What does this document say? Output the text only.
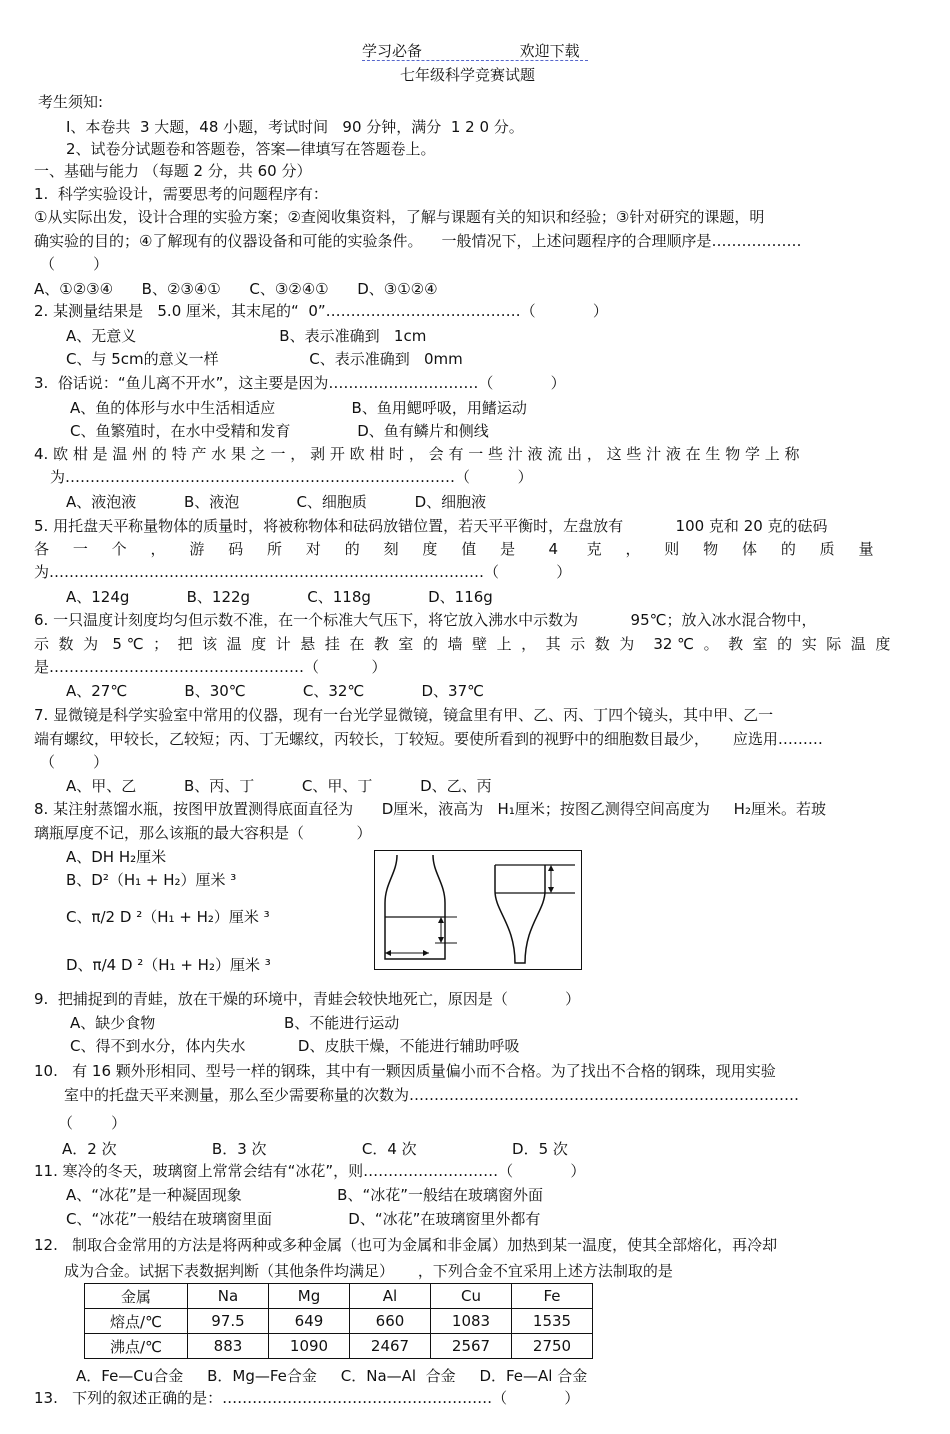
学习必备	欢迎下载
七年级科学竞赛试题
考生须知:
I、本卷共  3 大题，48 小题，考试时间   90 分钟，满分  1 2 0 分。
2、试卷分试题卷和答题卷，答案—律填写在答题卷上。
一、基础与能力 （每题 2 分，共 60 分）
1.  科学实验设计，需要思考的问题程序有：
①从实际出发，设计合理的实验方案；②查阅收集资料，了解与课题有关的知识和经验；③针对研究的课题，明
确实验的目的；④了解现有的仪器设备和可能的实验条件。    一般情况下，上述问题程序的合理顺序是………………
（        ）
A、①②③④      B、②③④①      C、③②④①      D、③①②④
2. 某测量结果是   5.0 厘米，其末尾的“  0”…………………………………（            ）
A、无意义                              B、表示准确到   1cm
C、与 5cm的意义一样                   C、表示准确到   0mm
3.  俗话说：“鱼儿离不开水”，这主要是因为…………………………（            ）
A、鱼的体形与水中生活相适应                B、鱼用鳃呼吸，用鳍运动
C、鱼繁殖时，在水中受精和发育              D、鱼有鳞片和侧线
4. 欧 柑 是 温 州 的 特 产 水 果 之 一 ， 剥 开 欧 柑 时 ， 会 有 一 些 汁 液 流 出 ， 这 些 汁 液 在 生 物 学 上 称
为……………………………………………………………………（          ）
A、液泡液          B、液泡            C、细胞质          D、细胞液
5. 用托盘天平称量物体的质量时，将被称物体和砝码放错位置，若天平平衡时，左盘放有           100 克和 20 克的砝码
各     一     个     ，     游     码     所     对     的     刻     度     值     是       4      克     ，     则     物     体     的     质     量
为……………………………………………………………………………（            ）
A、124g            B、122g            C、118g            D、116g
6. 一只温度计刻度均匀但示数不准，在一个标准大气压下，将它放入沸水中示数为           95℃；放入冰水混合物中，
示  数  为   5 ℃  ；  把  该  温  度  计  悬  挂  在  教  室  的  墙  壁  上  ，  其  示  数  为    32 ℃  。  教  室  的  实  际  温  度
是……………………………………………（           ）
A、27℃            B、30℃            C、32℃            D、37℃
7. 显微镜是科学实验室中常用的仪器，现有一台光学显微镜，镜盒里有甲、乙、丙、丁四个镜头，其中甲、乙一
端有螺纹，甲较长，乙较短；丙、丁无螺纹，丙较长，丁较短。要使所看到的视野中的细胞数目最少，     应选用………
（        ）
A、甲、乙          B、丙、丁          C、甲、丁          D、乙、丙
8. 某注射蒸馏水瓶，按图甲放置测得底面直径为      D厘米，液高为   H₁厘米；按图乙测得空间高度为     H₂厘米。若玻
璃瓶厚度不记，那么该瓶的最大容积是（           ）
A、DH H₂厘米
B、D²（H₁ + H₂）厘米 ³
C、π/2 D ²（H₁ + H₂）厘米 ³
D、π/4 D ²（H₁ + H₂）厘米 ³
9.  把捕捉到的青蛙，放在干燥的环境中，青蛙会较快地死亡，原因是（            ）
A、缺少食物                           B、不能进行运动
C、得不到水分，体内失水           D、皮肤干燥，不能进行辅助呼吸
10.   有 16 颗外形相同、型号一样的钢珠，其中有一颗因质量偏小而不合格。为了找出不合格的钢珠，现用实验
室中的托盘天平来测量，那么至少需要称量的次数为……………………………………………………………………
（        ）
A．2 次                    B．3 次                    C．4 次                    D．5 次
11. 寒冷的冬天，玻璃窗上常常会结有“冰花”，则………………………（            ）
A、“冰花”是一种凝固现象                    B、“冰花”一般结在玻璃窗外面
C、“冰花”一般结在玻璃窗里面                D、“冰花”在玻璃窗里外都有
12.   制取合金常用的方法是将两种或多种金属（也可为金属和非金属）加热到某一温度，使其全部熔化，再冷却
成为合金。试据下表数据判断（其他条件均满足）     ，下列合金不宜采用上述方法制取的是
A．Fe—Cu合金     B．Mg—Fe合金     C．Na—Al  合金     D．Fe—Al 合金
13.   下列的叙述正确的是：………………………………………………（            ）
金属	Na	Mg	Al	Cu	Fe
熔点/℃	97.5	649	660	1083	1535
沸点/℃	883	1090	2467	2567	2750
